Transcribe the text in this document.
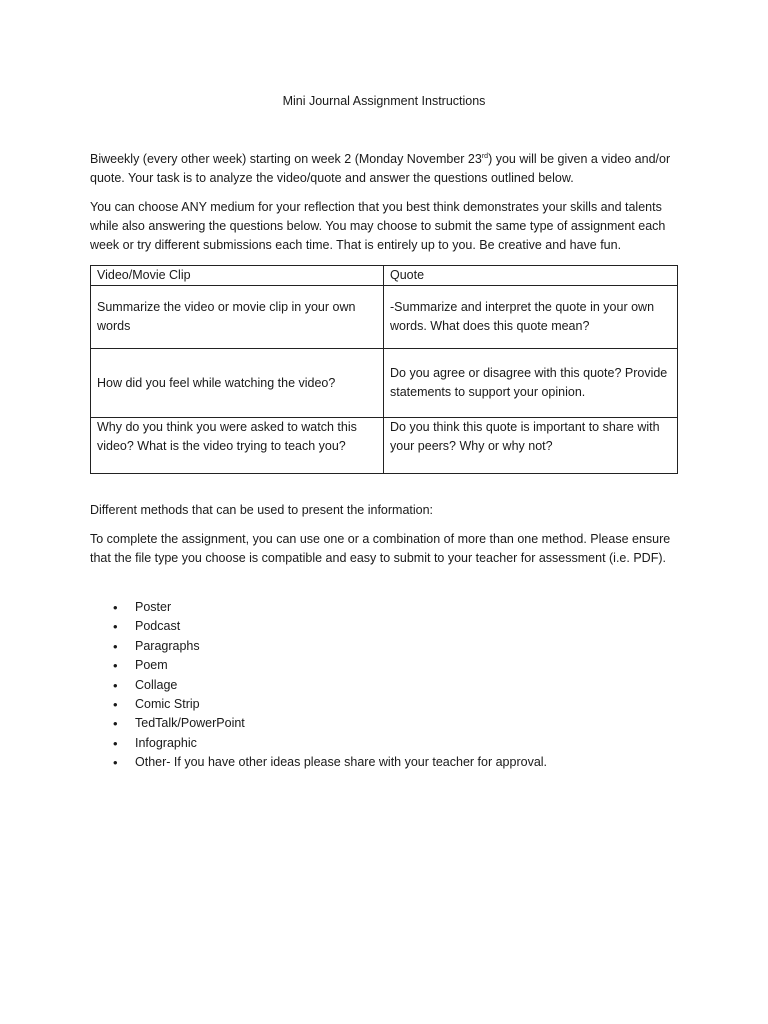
Mini Journal Assignment Instructions

Biweekly (every other week) starting on week 2 (Monday November 23rd) you will be given a video and/or quote. Your task is to analyze the video/quote and answer the questions outlined below.

You can choose ANY medium for your reflection that you best think demonstrates your skills and talents while also answering the questions below. You may choose to submit the same type of assignment each week or try different submissions each time. That is entirely up to you. Be creative and have fun.

Video/Movie Clip	Quote

Summarize the video or movie clip in your own words	-Summarize and interpret the quote in your own words. What does this quote mean?

How did you feel while watching the video?	Do you agree or disagree with this quote? Provide statements to support your opinion.

Why do you think you were asked to watch this video? What is the video trying to teach you?	Do you think this quote is important to share with your peers? Why or why not?

Different methods that can be used to present the information:

To complete the assignment, you can use one or a combination of more than one method. Please ensure that the file type you choose is compatible and easy to submit to your teacher for assessment (i.e. PDF).

• Poster
• Podcast
• Paragraphs
• Poem
• Collage
• Comic Strip
• TedTalk/PowerPoint
• Infographic
• Other- If you have other ideas please share with your teacher for approval.
